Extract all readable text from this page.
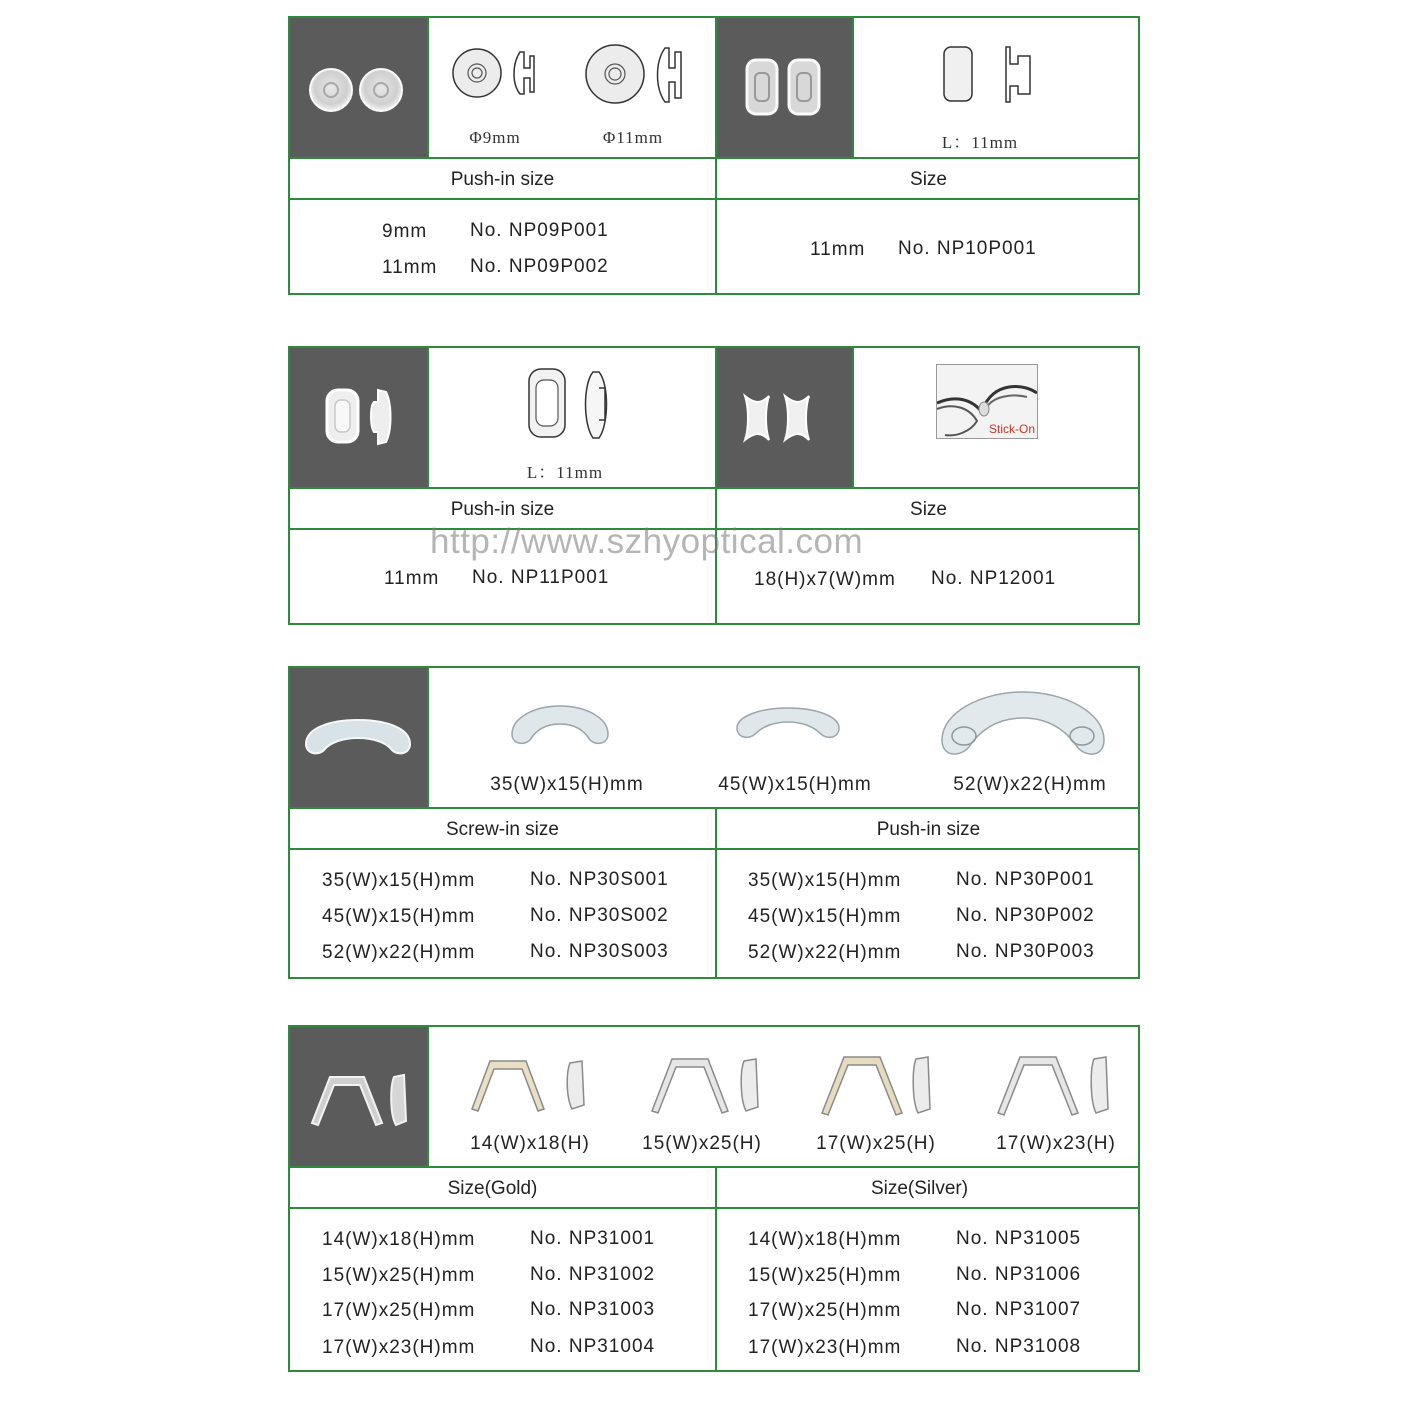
Φ9mm	Φ11mm	L：11mm
Push-in size	Size
9mm No. NP09P001
11mm No. NP09P002
11mm No. NP10P001
L：11mm
Stick-On
Push-in size	Size
11mm No. NP11P001	18(H)x7(W)mm No. NP12001
http://www.szhyoptical.com
35(W)x15(H)mm	45(W)x15(H)mm	52(W)x22(H)mm
Screw-in size	Push-in size
35(W)x15(H)mm	No. NP30S001
45(W)x15(H)mm	No. NP30S002
52(W)x22(H)mm	No. NP30S003
35(W)x15(H)mm	No. NP30P001
45(W)x15(H)mm	No. NP30P002
52(W)x22(H)mm	No. NP30P003
14(W)x18(H)	15(W)x25(H)	17(W)x25(H)	17(W)x23(H)
Size(Gold)	Size(Silver)
14(W)x18(H)mm	No. NP31001
15(W)x25(H)mm	No. NP31002
17(W)x25(H)mm	No. NP31003
17(W)x23(H)mm	No. NP31004
14(W)x18(H)mm	No. NP31005
15(W)x25(H)mm	No. NP31006
17(W)x25(H)mm	No. NP31007
17(W)x23(H)mm	No. NP31008
